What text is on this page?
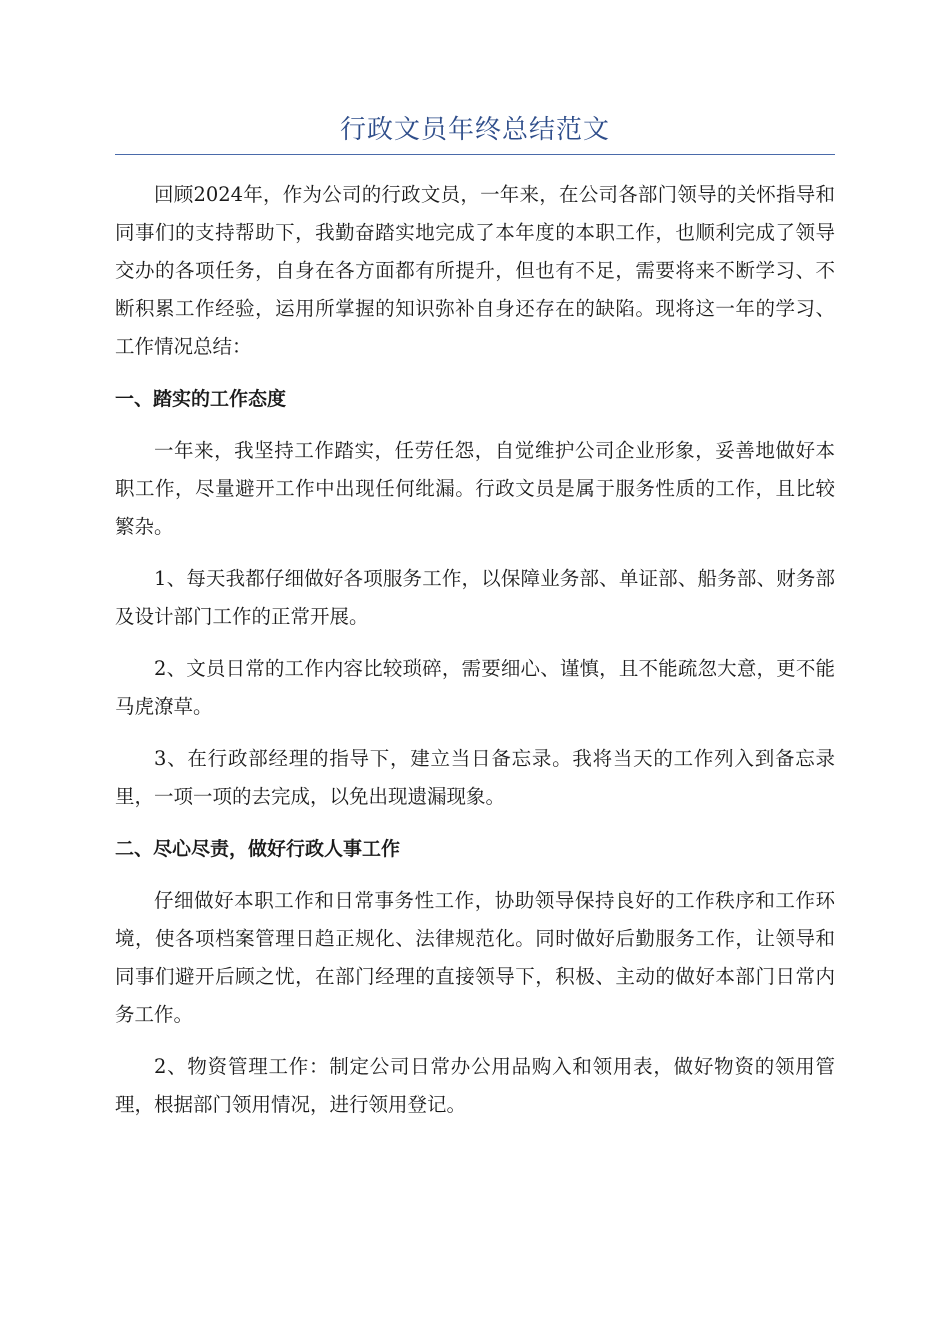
行政文员年终总结范文

回顾2024年，作为公司的行政文员，一年来，在公司各部门领导的关怀指导和同事们的支持帮助下，我勤奋踏实地完成了本年度的本职工作，也顺利完成了领导交办的各项任务，自身在各方面都有所提升，但也有不足，需要将来不断学习、不断积累工作经验，运用所掌握的知识弥补自身还存在的缺陷。现将这一年的学习、工作情况总结：

一、踏实的工作态度

一年来，我坚持工作踏实，任劳任怨，自觉维护公司企业形象，妥善地做好本职工作，尽量避开工作中出现任何纰漏。行政文员是属于服务性质的工作，且比较繁杂。

1、每天我都仔细做好各项服务工作，以保障业务部、单证部、船务部、财务部及设计部门工作的正常开展。

2、文员日常的工作内容比较琐碎，需要细心、谨慎，且不能疏忽大意，更不能马虎潦草。

3、在行政部经理的指导下，建立当日备忘录。我将当天的工作列入到备忘录里，一项一项的去完成，以免出现遗漏现象。

二、尽心尽责，做好行政人事工作

仔细做好本职工作和日常事务性工作，协助领导保持良好的工作秩序和工作环境，使各项档案管理日趋正规化、法律规范化。同时做好后勤服务工作，让领导和同事们避开后顾之忧，在部门经理的直接领导下，积极、主动的做好本部门日常内务工作。

2、物资管理工作：制定公司日常办公用品购入和领用表，做好物资的领用管理，根据部门领用情况，进行领用登记。
